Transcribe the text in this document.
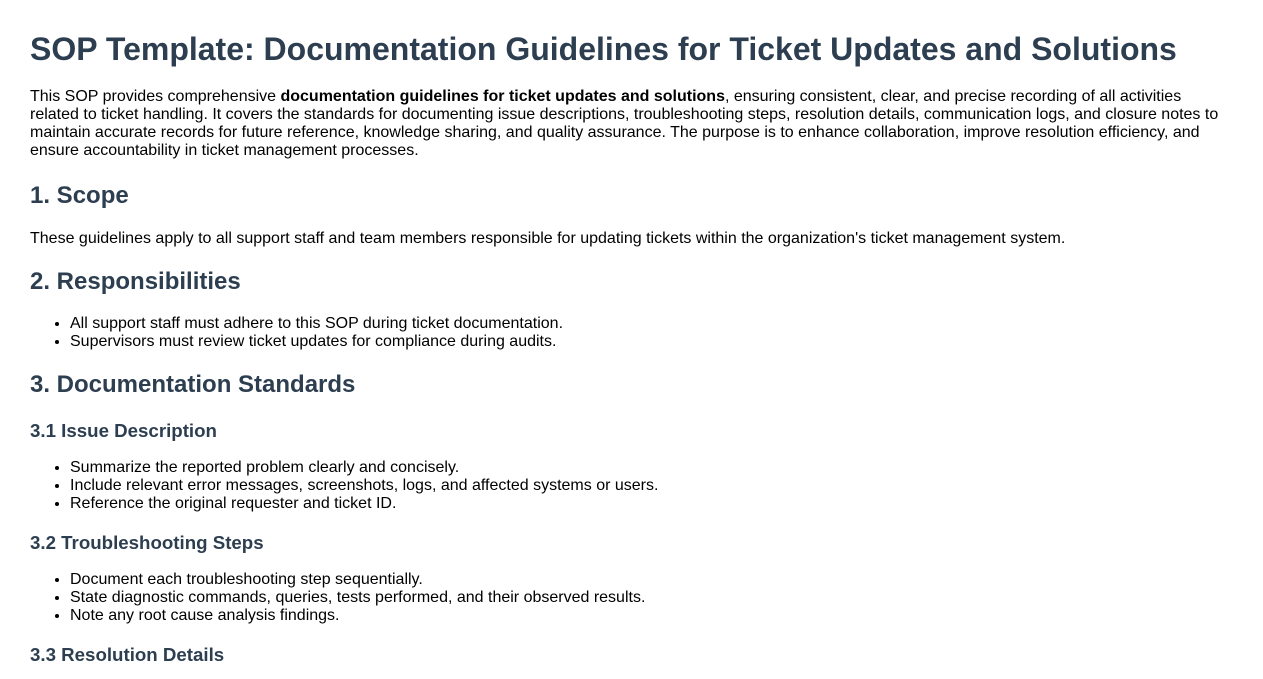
SOP Template: Documentation Guidelines for Ticket Updates and Solutions

This SOP provides comprehensive documentation guidelines for ticket updates and solutions, ensuring consistent, clear, and precise recording of all activities related to ticket handling. It covers the standards for documenting issue descriptions, troubleshooting steps, resolution details, communication logs, and closure notes to maintain accurate records for future reference, knowledge sharing, and quality assurance. The purpose is to enhance collaboration, improve resolution efficiency, and ensure accountability in ticket management processes.

1. Scope

These guidelines apply to all support staff and team members responsible for updating tickets within the organization's ticket management system.

2. Responsibilities
• All support staff must adhere to this SOP during ticket documentation.
• Supervisors must review ticket updates for compliance during audits.
3. Documentation Standards
3.1 Issue Description
• Summarize the reported problem clearly and concisely.
• Include relevant error messages, screenshots, logs, and affected systems or users.
• Reference the original requester and ticket ID.
3.2 Troubleshooting Steps
• Document each troubleshooting step sequentially.
• State diagnostic commands, queries, tests performed, and their observed results.
• Note any root cause analysis findings.
3.3 Resolution Details
